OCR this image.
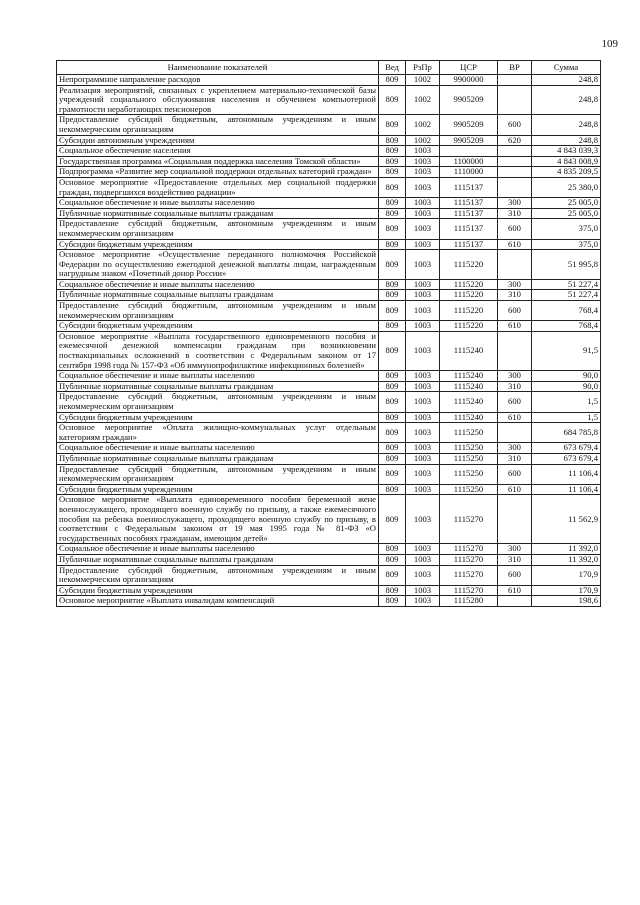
109
Наименование показателей	Вед	РзПр	ЦСР	ВР	Сумма
Непрограммное направление расходов	809	1002	9900000		248,8
Реализация мероприятий, связанных с укреплением материально-технической базы учреждений социального обслуживания населения и обучением компьютерной грамотности неработающих пенсионеров	809	1002	9905209		248,8
Предоставление субсидий бюджетным, автономным учреждениям и иным некоммерческим организациям	809	1002	9905209	600	248,8
Субсидии автономным учреждениям	809	1002	9905209	620	248,8
Социальное обеспечение населения	809	1003			4 843 039,3
Государственная программа «Социальная поддержка населения Томской области»	809	1003	1100000		4 843 008,9
Подпрограмма «Развитие мер социальной поддержки отдельных категорий граждан»	809	1003	1110000		4 835 209,5
Основное мероприятие «Предоставление отдельных мер социальной поддержки граждан, подвергшихся воздействию радиации»	809	1003	1115137		25 380,0
Социальное обеспечение и иные выплаты населению	809	1003	1115137	300	25 005,0
Публичные нормативные социальные выплаты гражданам	809	1003	1115137	310	25 005,0
Предоставление субсидий бюджетным, автономным учреждениям и иным некоммерческим организациям	809	1003	1115137	600	375,0
Субсидии бюджетным учреждениям	809	1003	1115137	610	375,0
Основное мероприятие «Осуществление переданного полномочия Российской Федерации по осуществлению ежегодной денежной выплаты лицам, награжденным нагрудным знаком «Почетный донор России»	809	1003	1115220		51 995,8
Социальное обеспечение и иные выплаты населению	809	1003	1115220	300	51 227,4
Публичные нормативные социальные выплаты гражданам	809	1003	1115220	310	51 227,4
Предоставление субсидий бюджетным, автономным учреждениям и иным некоммерческим организациям	809	1003	1115220	600	768,4
Субсидии бюджетным учреждениям	809	1003	1115220	610	768,4
Основное мероприятие «Выплата государственного единовременного пособия и ежемесячной денежной компенсации гражданам при возникновении поствакцинальных осложнений в соответствии с Федеральным законом от 17 сентября 1998 года № 157-ФЗ «Об иммунопрофилактике инфекционных болезней»	809	1003	1115240		91,5
Социальное обеспечение и иные выплаты населению	809	1003	1115240	300	90,0
Публичные нормативные социальные выплаты гражданам	809	1003	1115240	310	90,0
Предоставление субсидий бюджетным, автономным учреждениям и иным некоммерческим организациям	809	1003	1115240	600	1,5
Субсидии бюджетным учреждениям	809	1003	1115240	610	1,5
Основное мероприятие «Оплата жилищно-коммунальных услуг отдельным категориям граждан»	809	1003	1115250		684 785,8
Социальное обеспечение и иные выплаты населению	809	1003	1115250	300	673 679,4
Публичные нормативные социальные выплаты гражданам	809	1003	1115250	310	673 679,4
Предоставление субсидий бюджетным, автономным учреждениям и иным некоммерческим организациям	809	1003	1115250	600	11 106,4
Субсидии бюджетным учреждениям	809	1003	1115250	610	11 106,4
Основное мероприятие «Выплата единовременного пособия беременной жене военнослужащего, проходящего военную службу по призыву, а также ежемесячного пособия на ребенка военнослужащего, проходящего военную службу по призыву, в соответствии с Федеральным законом от 19 мая 1995 года № 81-ФЗ «О государственных пособиях гражданам, имеющим детей»	809	1003	1115270		11 562,9
Социальное обеспечение и иные выплаты населению	809	1003	1115270	300	11 392,0
Публичные нормативные социальные выплаты гражданам	809	1003	1115270	310	11 392,0
Предоставление субсидий бюджетным, автономным учреждениям и иным некоммерческим организациям	809	1003	1115270	600	170,9
Субсидии бюджетным учреждениям	809	1003	1115270	610	170,9
Основное мероприятие «Выплата инвалидам компенсаций	809	1003	1115280		198,6
